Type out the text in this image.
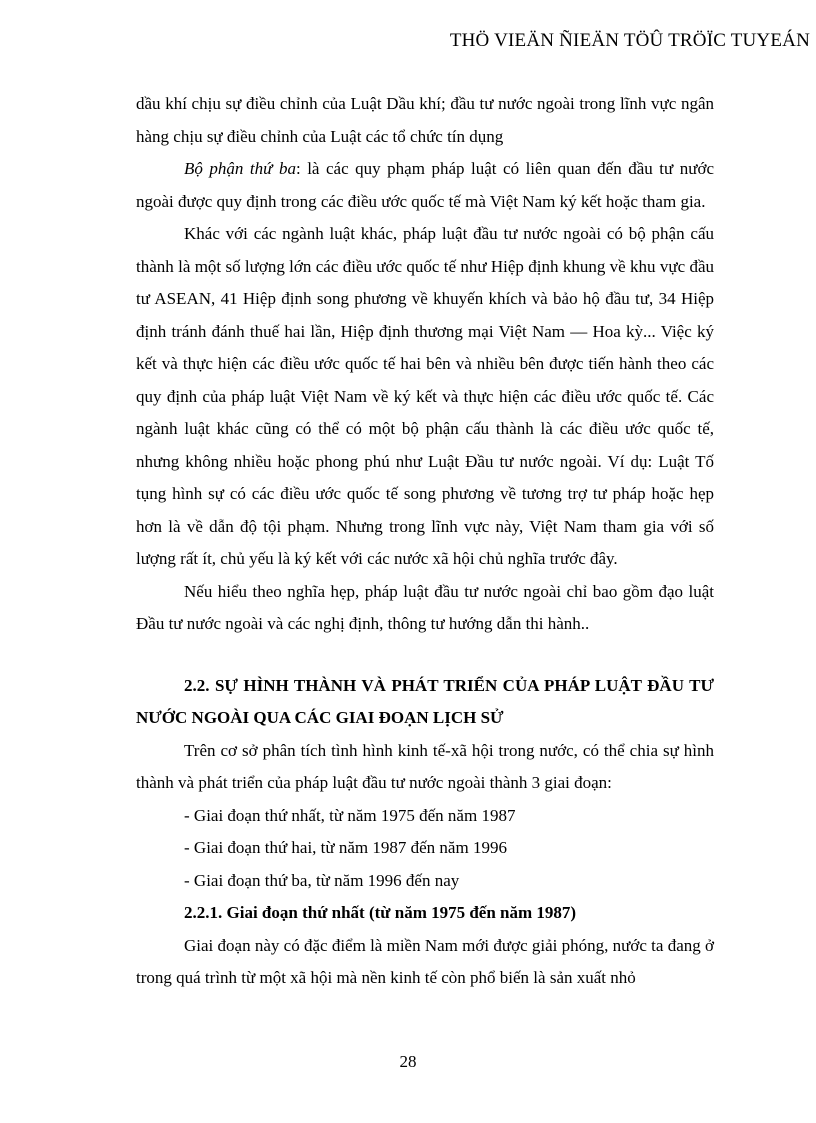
THÖ VIEÄN ÑIEÄN TÖÛ TRÖÏC TUYEÁN

dầu khí chịu sự điều chỉnh của Luật Dầu khí; đầu tư nước ngoài trong lĩnh vực ngân hàng chịu sự điều chỉnh của Luật các tổ chức tín dụng

Bộ phận thứ ba: là các quy phạm pháp luật có liên quan đến đầu tư nước ngoài được quy định trong các điều ước quốc tế mà Việt Nam ký kết hoặc tham gia.

Khác với các ngành luật khác, pháp luật đầu tư nước ngoài có bộ phận cấu thành là một số lượng lớn các điều ước quốc tế như Hiệp định khung về khu vực đầu tư ASEAN, 41 Hiệp định song phương về khuyến khích và bảo hộ đầu tư, 34 Hiệp định tránh đánh thuế hai lần, Hiệp định thương mại Việt Nam — Hoa kỳ... Việc ký kết và thực hiện các điều ước quốc tế hai bên và nhiều bên được tiến hành theo các quy định của pháp luật Việt Nam về ký kết và thực hiện các điều ước quốc tế. Các ngành luật khác cũng có thể có một bộ phận cấu thành là các điều ước quốc tế, nhưng không nhiều hoặc phong phú như Luật Đầu tư nước ngoài. Ví dụ: Luật Tố tụng hình sự có các điều ước quốc tế song phương về tương trợ tư pháp hoặc hẹp hơn là về dẫn độ tội phạm. Nhưng trong lĩnh vực này, Việt Nam tham gia với số lượng rất ít, chủ yếu là ký kết với các nước xã hội chủ nghĩa trước đây.

Nếu hiểu theo nghĩa hẹp, pháp luật đầu tư nước ngoài chỉ bao gồm đạo luật Đầu tư nước ngoài và các nghị định, thông tư hướng dẫn thi hành..

2.2. SỰ HÌNH THÀNH VÀ PHÁT TRIỂN CỦA PHÁP LUẬT ĐẦU TƯ NƯỚC NGOÀI QUA CÁC GIAI ĐOẠN LỊCH SỬ

Trên cơ sở phân tích tình hình kinh tế-xã hội trong nước, có thể chia sự hình thành và phát triển của pháp luật đầu tư nước ngoài thành 3 giai đoạn:

- Giai đoạn thứ nhất, từ năm 1975 đến năm 1987

- Giai đoạn thứ hai, từ năm 1987 đến năm 1996

- Giai đoạn thứ ba, từ năm 1996 đến nay

2.2.1. Giai đoạn thứ nhất (từ năm 1975 đến năm 1987)

Giai đoạn này có đặc điểm là miền Nam mới được giải phóng, nước ta đang ở trong quá trình từ một xã hội mà nền kinh tế còn phổ biến là sản xuất nhỏ

28
